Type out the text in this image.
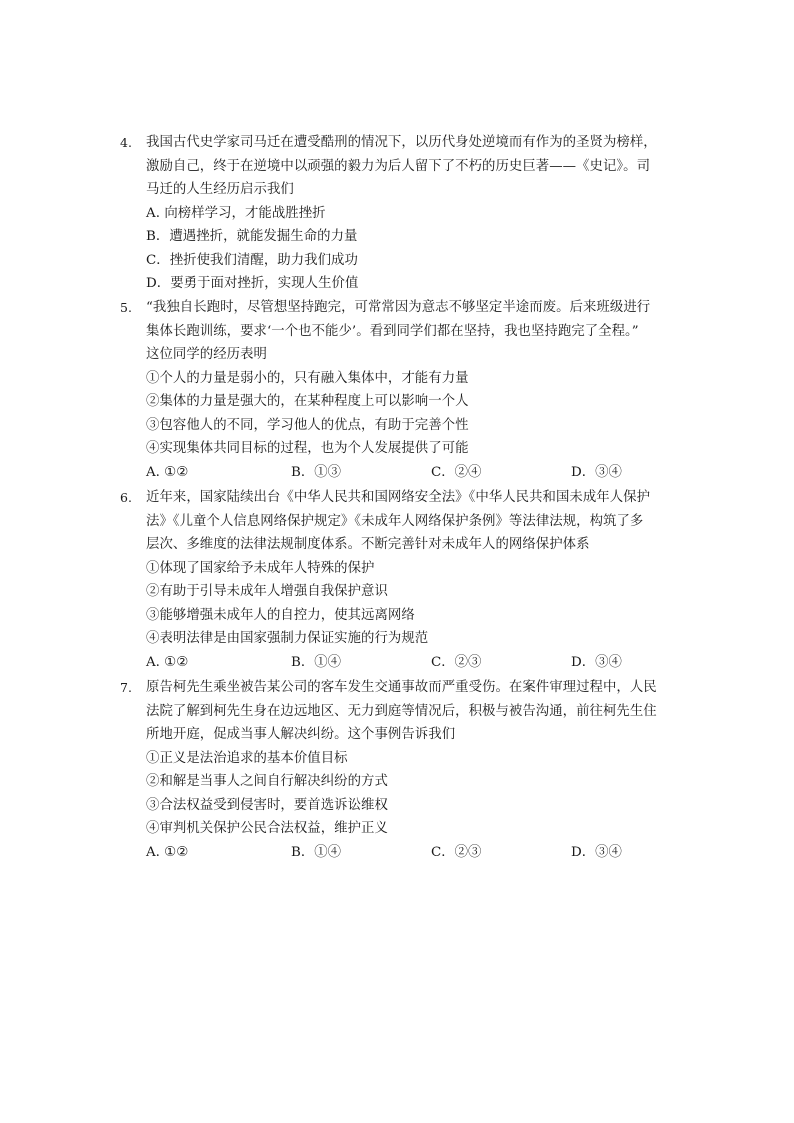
4. 我国古代史学家司马迁在遭受酷刑的情况下，以历代身处逆境而有作为的圣贤为榜样，
激励自己，终于在逆境中以顽强的毅力为后人留下了不朽的历史巨著——《史记》。司
马迁的人生经历启示我们
A. 向榜样学习，才能战胜挫折
B．遭遇挫折，就能发掘生命的力量
C．挫折使我们清醒，助力我们成功
D．要勇于面对挫折，实现人生价值
5. “我独自长跑时，尽管想坚持跑完，可常常因为意志不够坚定半途而废。后来班级进行
集体长跑训练，要求‘一个也不能少’。看到同学们都在坚持，我也坚持跑完了全程。”
这位同学的经历表明
①个人的力量是弱小的，只有融入集体中，才能有力量
②集体的力量是强大的，在某种程度上可以影响一个人
③包容他人的不同，学习他人的优点，有助于完善个性
④实现集体共同目标的过程，也为个人发展提供了可能
A. ①②	B．①③	C．②④	D．③④
6. 近年来，国家陆续出台《中华人民共和国网络安全法》《中华人民共和国未成年人保护
法》《儿童个人信息网络保护规定》《未成年人网络保护条例》等法律法规，构筑了多
层次、多维度的法律法规制度体系。不断完善针对未成年人的网络保护体系
①体现了国家给予未成年人特殊的保护
②有助于引导未成年人增强自我保护意识
③能够增强未成年人的自控力，使其远离网络
④表明法律是由国家强制力保证实施的行为规范
A. ①②	B．①④	C．②③	D．③④
7. 原告柯先生乘坐被告某公司的客车发生交通事故而严重受伤。在案件审理过程中，人民
法院了解到柯先生身在边远地区、无力到庭等情况后，积极与被告沟通，前往柯先生住
所地开庭，促成当事人解决纠纷。这个事例告诉我们
①正义是法治追求的基本价值目标
②和解是当事人之间自行解决纠纷的方式
③合法权益受到侵害时，要首选诉讼维权
④审判机关保护公民合法权益，维护正义
A. ①②	B．①④	C．②③	D．③④
